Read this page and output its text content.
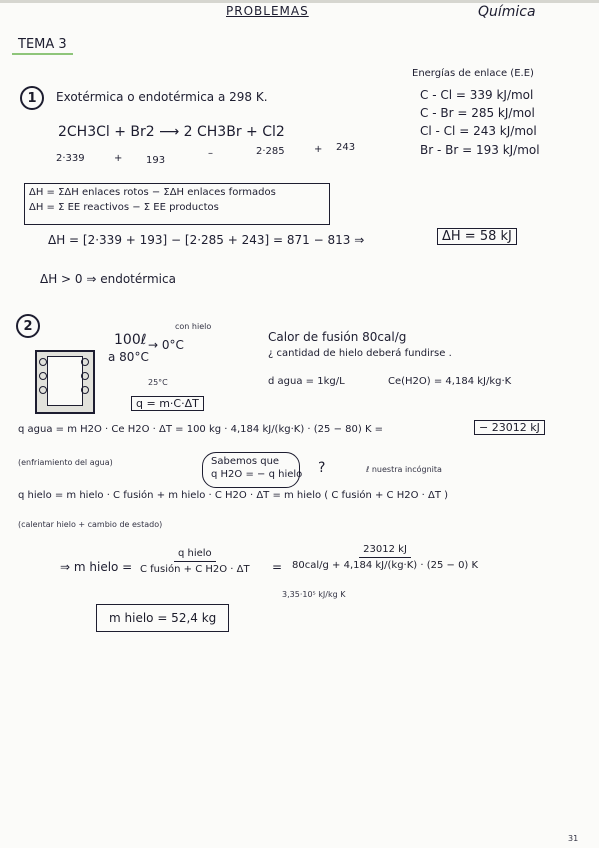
PROBLEMAS	Química
TEMA 3
1	Exotérmica o endotérmica a 298 K.
Energías de enlace (E.E)
C - Cl = 339 kJ/mol
C - Br = 285 kJ/mol
Cl - Cl = 243 kJ/mol
Br - Br = 193 kJ/mol
2CH3Cl + Br2 ⟶ 2 CH3Br + Cl2
2·339	+ 193
–	2·285	+ 243
ΔH = ΣΔH enlaces rotos − ΣΔH enlaces formados
ΔH = Σ EE reactivos − Σ EE productos
ΔH = [2·339 + 193] − [2·285 + 243] = 871 − 813 ⇒	ΔH = 58 kJ
ΔH > 0 ⇒ endotérmica
2
100ℓ
a 80°C
→ 0°C
con hielo
25°C
q = m·C·ΔT
Calor de fusión 80cal/g
¿ cantidad de hielo deberá fundirse .
d agua = 1kg/L	Ce(H2O) = 4,184 kJ/kg·K
q agua = m H2O · Ce H2O · ΔT = 100 kg · 4,184 kJ/(kg·K) · (25 − 80) K =	− 23012 kJ
(enfriamiento del agua)	Sabemos que
q H2O = − q hielo ?	ℓ nuestra incógnita
q hielo = m hielo · C fusión + m hielo · C H2O · ΔT = m hielo ( C fusión + C H2O · ΔT )
(calentar hielo + cambio de estado)
⇒ m hielo =
q hielo
C fusión + C H2O · ΔT =
23012 kJ
80cal/g + 4,184 kJ/(kg·K) · (25 − 0) K
3,35·10⁵ kJ/kg K
m hielo = 52,4 kg
31
